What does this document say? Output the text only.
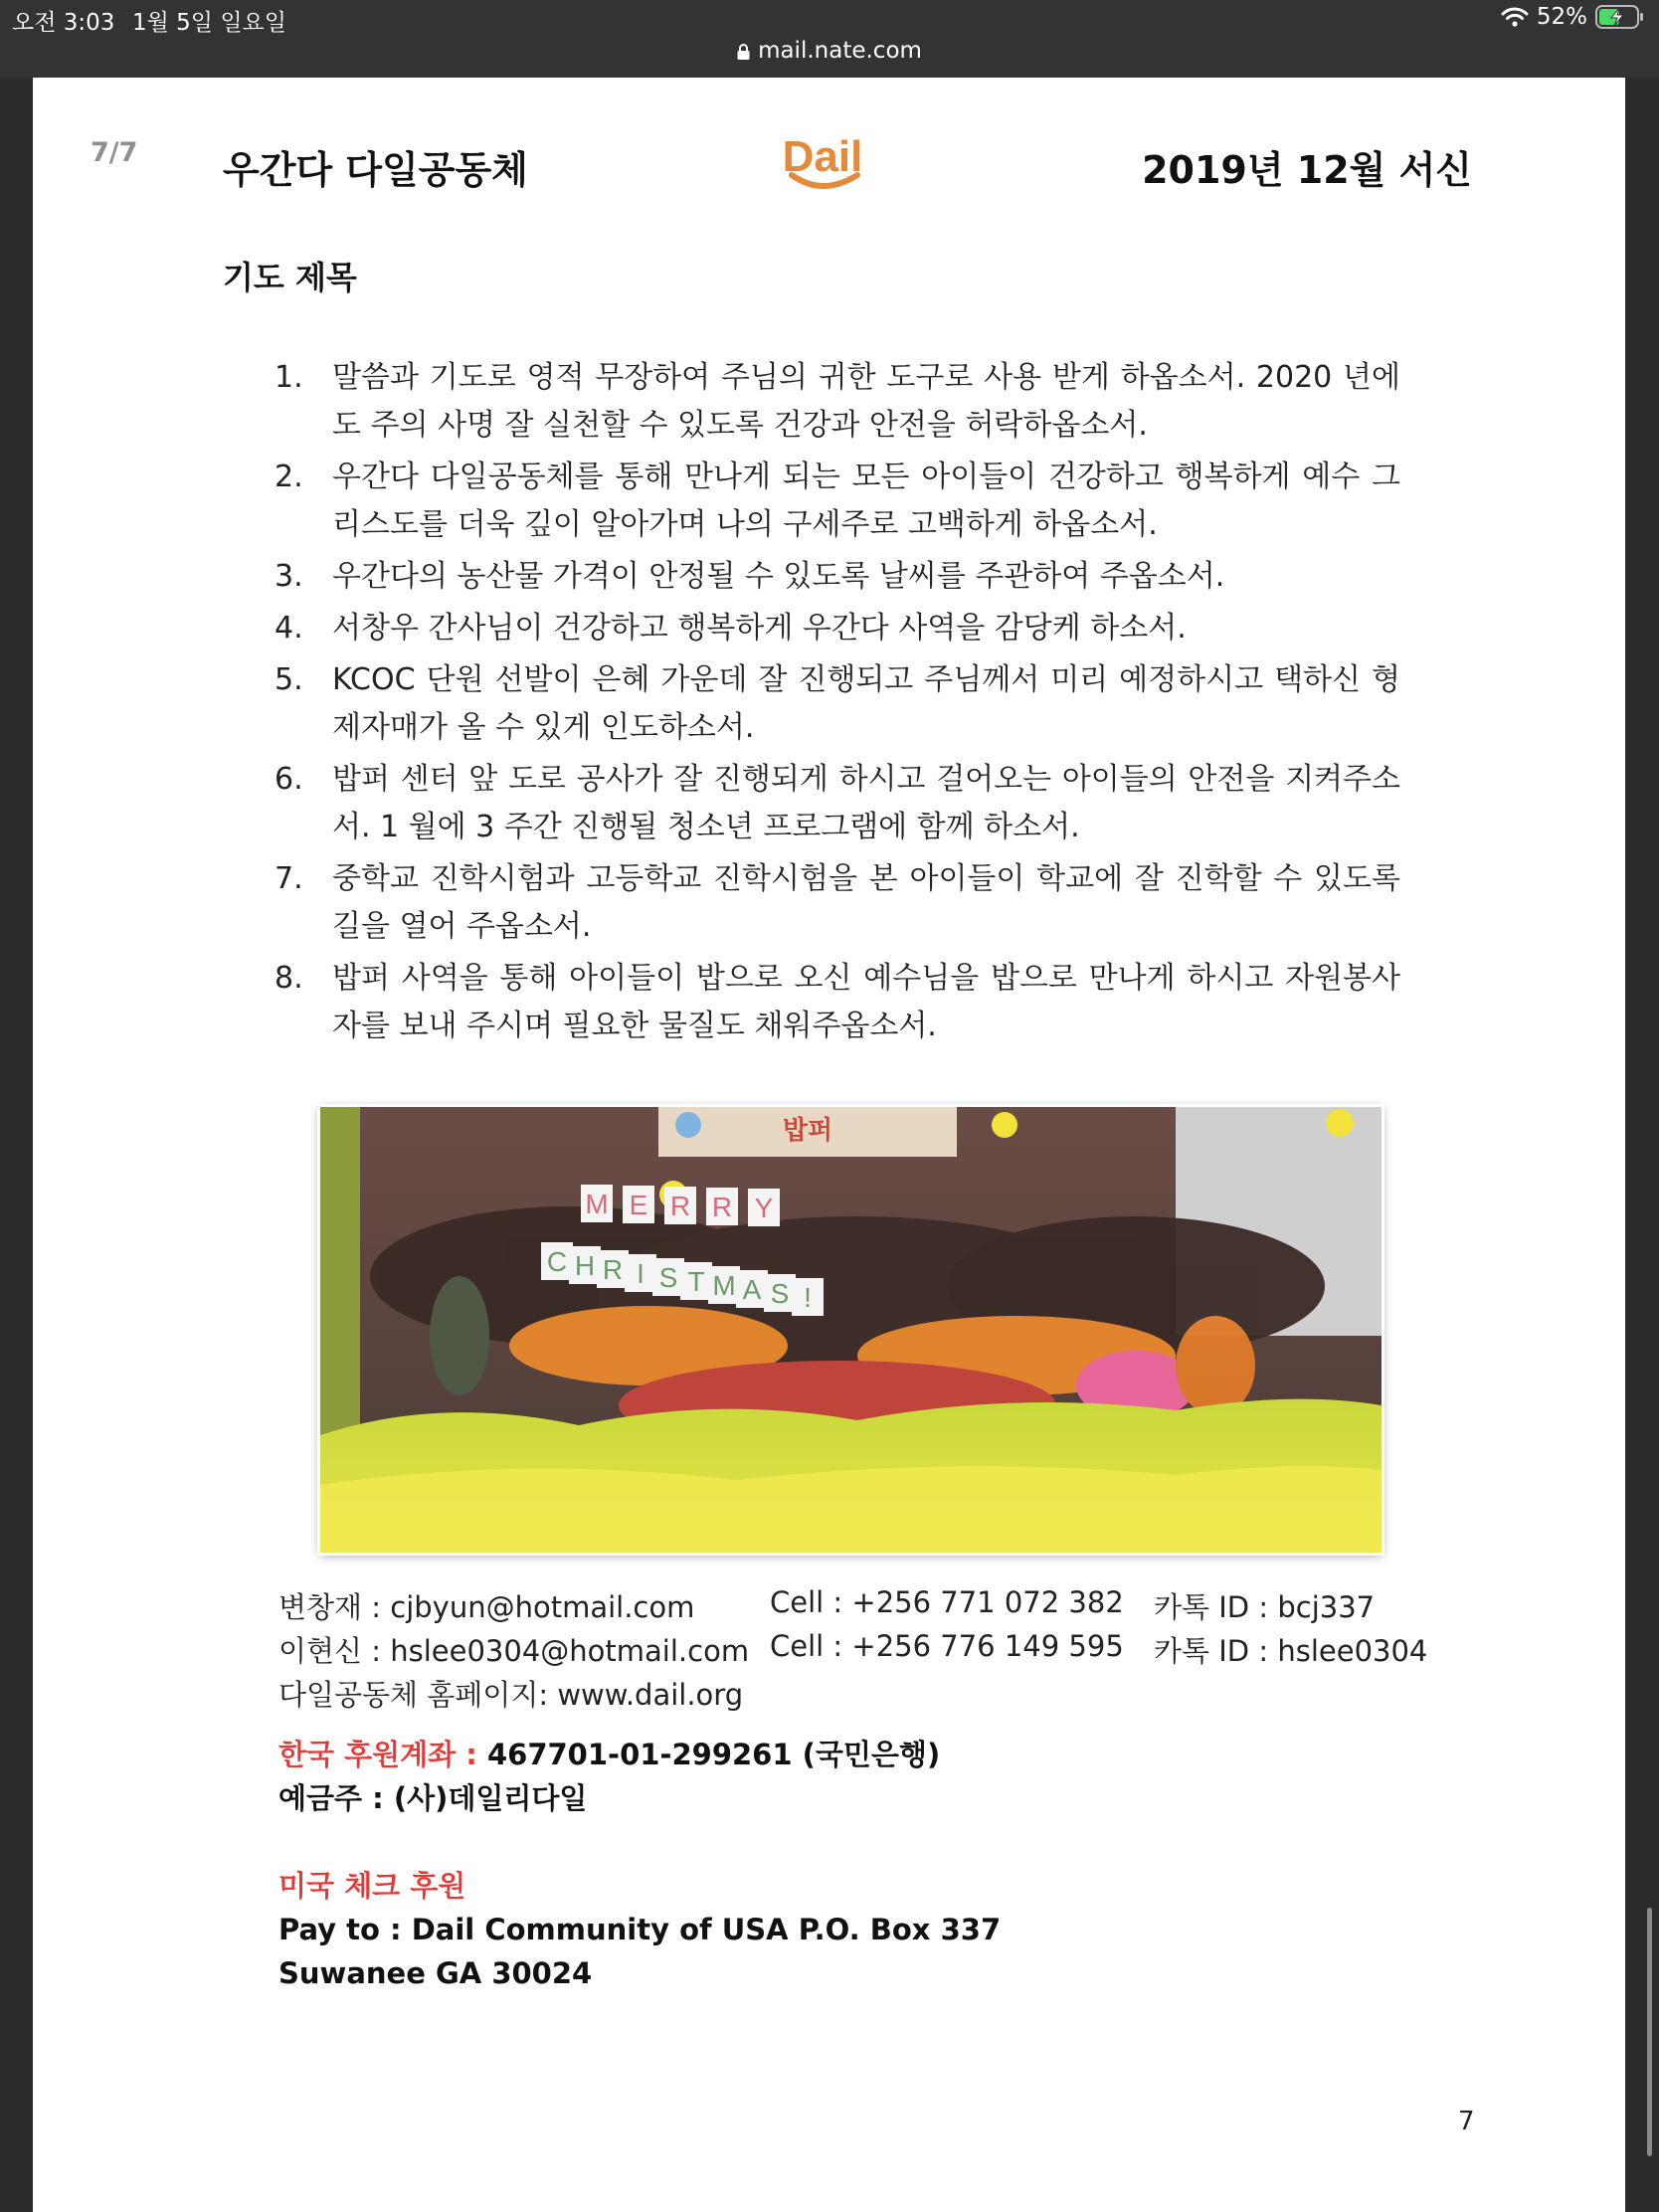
오전 3:03 1월 5일 일요일
mail.nate.com
52%
7/7 우간다 다일공동체	Dail	2019년 12월 서신
기도 제목
1. 말씀과 기도로 영적 무장하여 주님의 귀한 도구로 사용 받게 하옵소서. 2020 년에도 주의 사명 잘 실천할 수 있도록 건강과 안전을 허락하옵소서.
2. 우간다 다일공동체를 통해 만나게 되는 모든 아이들이 건강하고 행복하게 예수 그리스도를 더욱 깊이 알아가며 나의 구세주로 고백하게 하옵소서.
3. 우간다의 농산물 가격이 안정될 수 있도록 날씨를 주관하여 주옵소서.
4. 서창우 간사님이 건강하고 행복하게 우간다 사역을 감당케 하소서.
5. KCOC 단원 선발이 은혜 가운데 잘 진행되고 주님께서 미리 예정하시고 택하신 형제자매가 올 수 있게 인도하소서.
6. 밥퍼 센터 앞 도로 공사가 잘 진행되게 하시고 걸어오는 아이들의 안전을 지켜주소서. 1 월에 3 주간 진행될 청소년 프로그램에 함께 하소서.
7. 중학교 진학시험과 고등학교 진학시험을 본 아이들이 학교에 잘 진학할 수 있도록 길을 열어 주옵소서.
8. 밥퍼 사역을 통해 아이들이 밥으로 오신 예수님을 밥으로 만나게 하시고 자원봉사자를 보내 주시며 필요한 물질도 채워주옵소서.
밥퍼
M E R R Y
C H R I S T M A S !
변창재 : cjbyun@hotmail.com	Cell : +256 771 072 382 카톡 ID : bcj337
이현신 : hslee0304@hotmail.com Cell : +256 776 149 595 카톡 ID : hslee0304
다일공동체 홈페이지: www.dail.org
한국 후원계좌 : 467701-01-299261 (국민은행)
예금주 : (사)데일리다일
미국 체크 후원
Pay to : Dail Community of USA P.O. Box 337
Suwanee GA 30024
7
